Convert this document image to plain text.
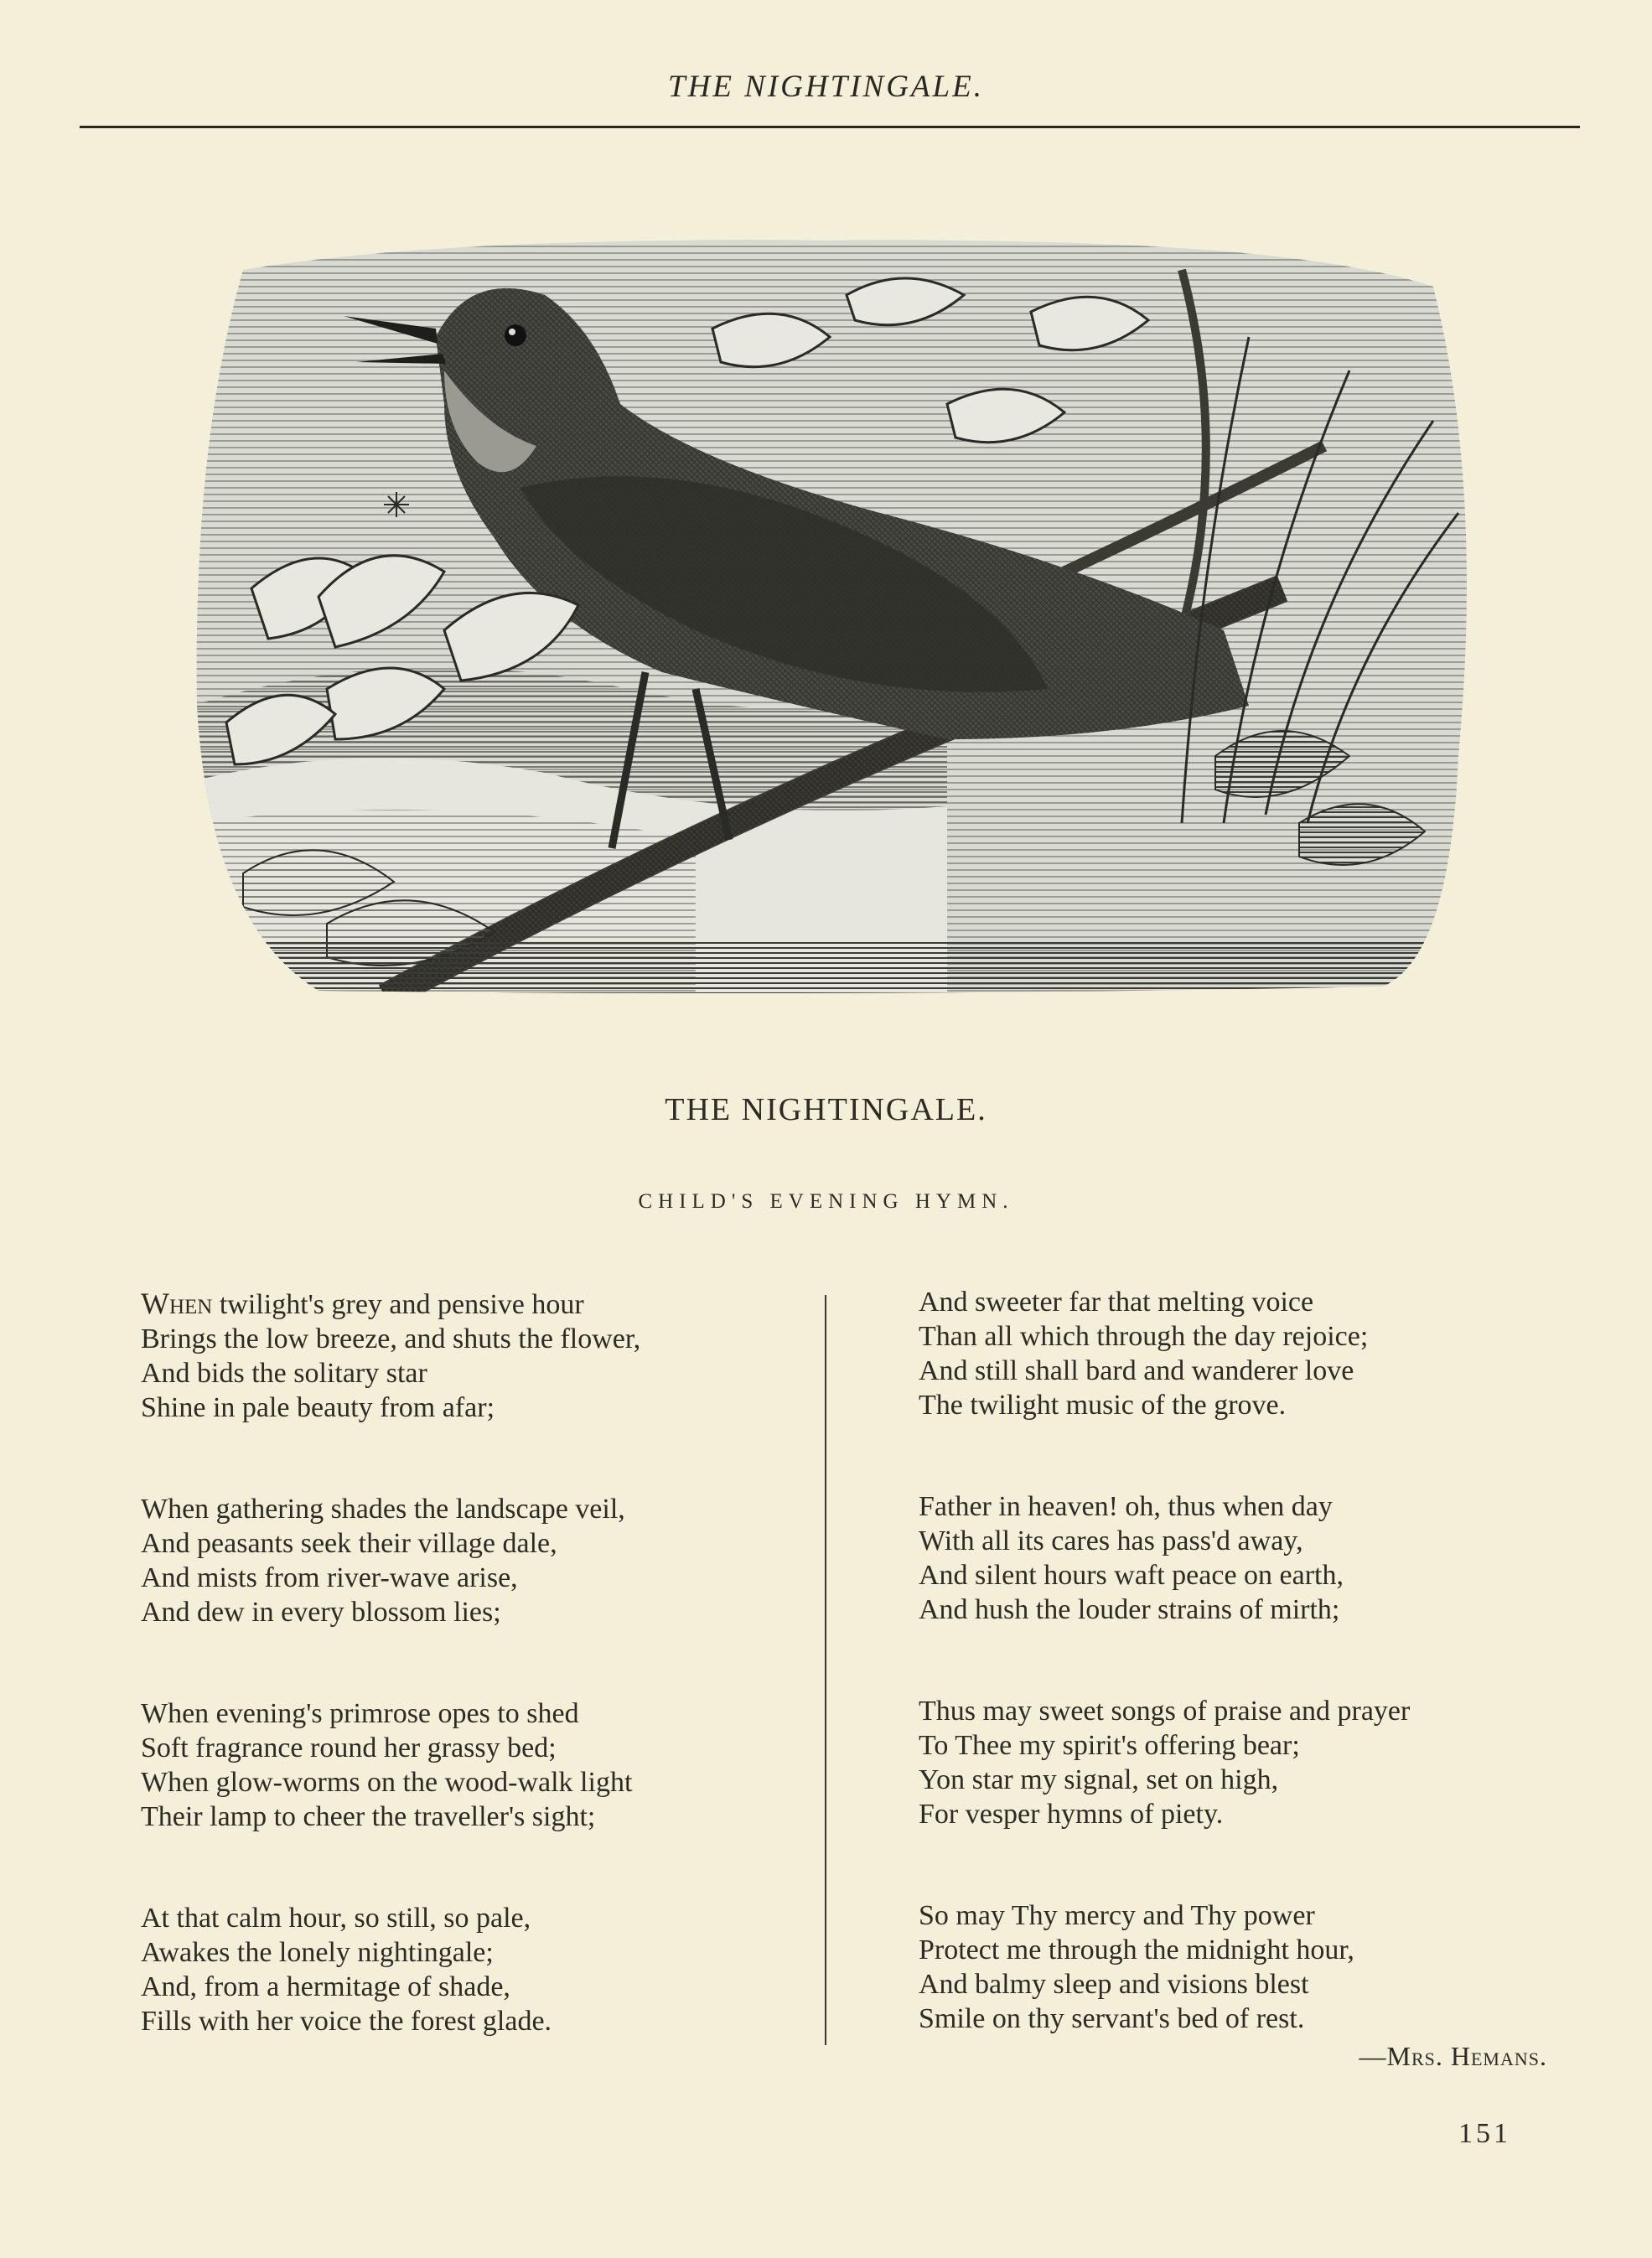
THE NIGHTINGALE.
THE NIGHTINGALE.
CHILD'S EVENING HYMN.
When twilight's grey and pensive hour
Brings the low breeze, and shuts the flower,
And bids the solitary star
Shine in pale beauty from afar;
When gathering shades the landscape veil,
And peasants seek their village dale,
And mists from river-wave arise,
And dew in every blossom lies;
When evening's primrose opes to shed
Soft fragrance round her grassy bed;
When glow-worms on the wood-walk light
Their lamp to cheer the traveller's sight;
At that calm hour, so still, so pale,
Awakes the lonely nightingale;
And, from a hermitage of shade,
Fills with her voice the forest glade.
And sweeter far that melting voice
Than all which through the day rejoice;
And still shall bard and wanderer love
The twilight music of the grove.
Father in heaven! oh, thus when day
With all its cares has pass'd away,
And silent hours waft peace on earth,
And hush the louder strains of mirth;
Thus may sweet songs of praise and prayer
To Thee my spirit's offering bear;
Yon star my signal, set on high,
For vesper hymns of piety.
So may Thy mercy and Thy power
Protect me through the midnight hour,
And balmy sleep and visions blest
Smile on thy servant's bed of rest.
—Mrs. Hemans.
151
